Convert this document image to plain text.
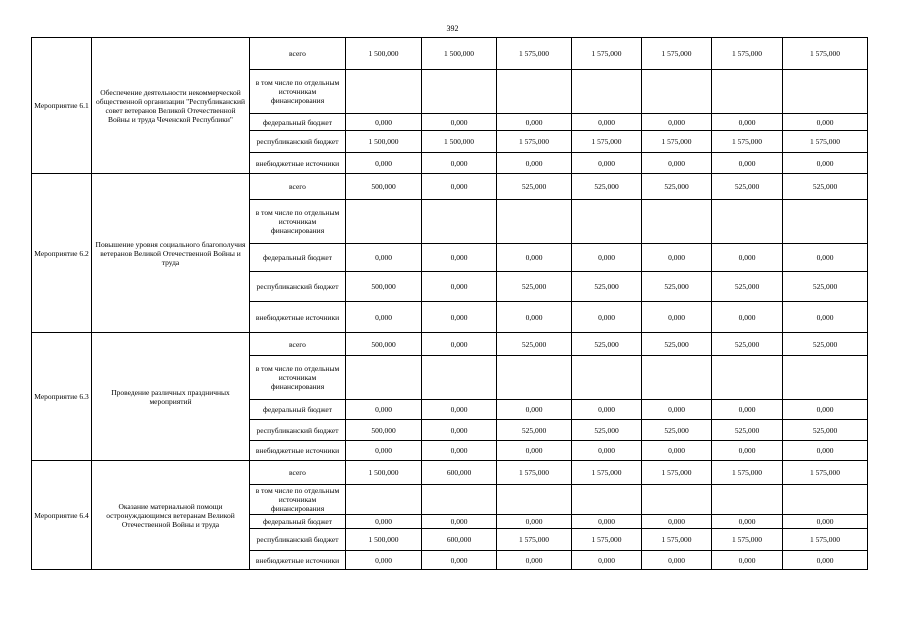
392
Мероприятие 6.1	Обеспечение деятельности некоммерческой общественной организации "Республиканский совет ветеранов Великой Отечественной Войны и труда Чеченской Республики"	всего	1 500,000	1 500,000	1 575,000	1 575,000	1 575,000	1 575,000	1 575,000
		в том числе по отдельным источникам финансирования							
		федеральный бюджет	0,000	0,000	0,000	0,000	0,000	0,000	0,000
		республиканский бюджет	1 500,000	1 500,000	1 575,000	1 575,000	1 575,000	1 575,000	1 575,000
		внебюджетные источники	0,000	0,000	0,000	0,000	0,000	0,000	0,000
Мероприятие 6.2	Повышение уровня социального благополучия ветеранов Великой Отечественной Войны и труда	всего	500,000	0,000	525,000	525,000	525,000	525,000	525,000
		в том числе по отдельным источникам финансирования							
		федеральный бюджет	0,000	0,000	0,000	0,000	0,000	0,000	0,000
		республиканский бюджет	500,000	0,000	525,000	525,000	525,000	525,000	525,000
		внебюджетные источники	0,000	0,000	0,000	0,000	0,000	0,000	0,000
Мероприятие 6.3	Проведение различных праздничных мероприятий	всего	500,000	0,000	525,000	525,000	525,000	525,000	525,000
		в том числе по отдельным источникам финансирования							
		федеральный бюджет	0,000	0,000	0,000	0,000	0,000	0,000	0,000
		республиканский бюджет	500,000	0,000	525,000	525,000	525,000	525,000	525,000
		внебюджетные источники	0,000	0,000	0,000	0,000	0,000	0,000	0,000
Мероприятие 6.4	Оказание материальной помощи остронуждающимся ветеранам Великой Отечественной Войны и труда	всего	1 500,000	600,000	1 575,000	1 575,000	1 575,000	1 575,000	1 575,000
		в том числе по отдельным источникам финансирования							
		федеральный бюджет	0,000	0,000	0,000	0,000	0,000	0,000	0,000
		республиканский бюджет	1 500,000	600,000	1 575,000	1 575,000	1 575,000	1 575,000	1 575,000
		внебюджетные источники	0,000	0,000	0,000	0,000	0,000	0,000	0,000
